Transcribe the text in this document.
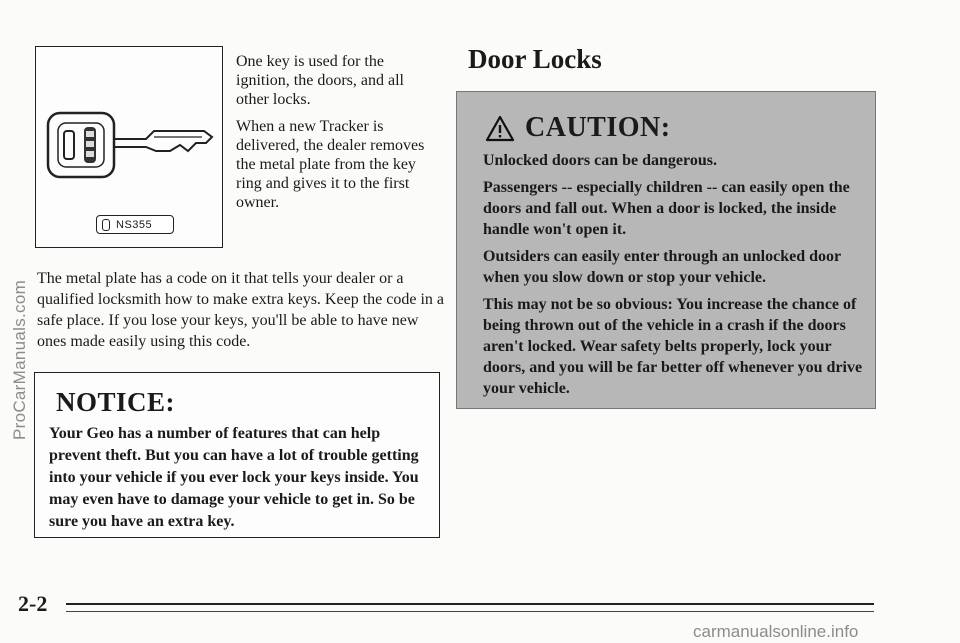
NS355

One key is used for the ignition, the doors, and all other locks.

When a new Tracker is delivered, the dealer removes the metal plate from the key ring and gives it to the first owner.

The metal plate has a code on it that tells your dealer or a qualified locksmith how to make extra keys. Keep the code in a safe place. If you lose your keys, you'll be able to have new ones made easily using this code.

NOTICE:
Your Geo has a number of features that can help prevent theft. But you can have a lot of trouble getting into your vehicle if you ever lock your keys inside. You may even have to damage your vehicle to get in. So be sure you have an extra key.
Door Locks
CAUTION:

Unlocked doors can be dangerous.

Passengers -- especially children -- can easily open the doors and fall out. When a door is locked, the inside handle won't open it.

Outsiders can easily enter through an unlocked door when you slow down or stop your vehicle.

This may not be so obvious: You increase the chance of being thrown out of the vehicle in a crash if the doors aren't locked. Wear safety belts properly, lock your doors, and you will be far better off whenever you drive your vehicle.

2-2

ProCarManuals.com

carmanualsonline.info
